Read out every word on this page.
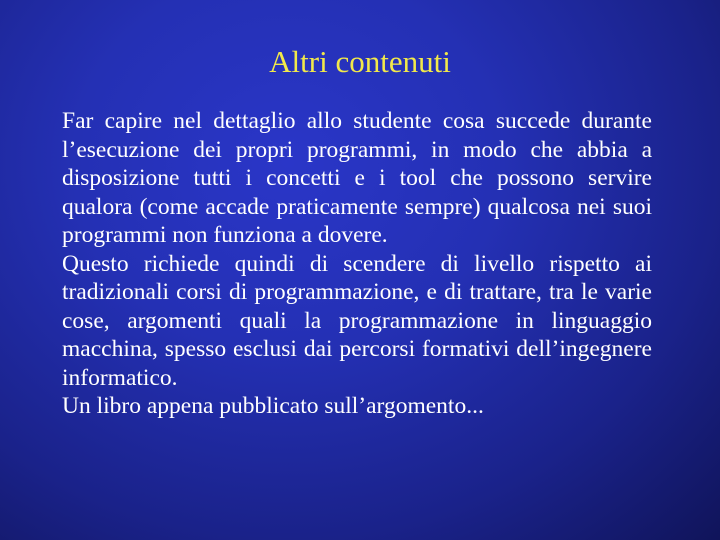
Altri contenuti

Far capire nel dettaglio allo studente cosa succede durante l’esecuzione dei propri programmi, in modo che abbia a disposizione tutti i concetti e i tool che possono servire qualora (come accade praticamente sempre) qualcosa nei suoi programmi non funziona a dovere.

Questo richiede quindi di scendere di livello rispetto ai tradizionali corsi di programmazione, e di trattare, tra le varie cose, argomenti quali la programmazione in linguaggio macchina, spesso esclusi dai percorsi formativi dell’ingegnere informatico.

Un libro appena pubblicato sull’argomento...
